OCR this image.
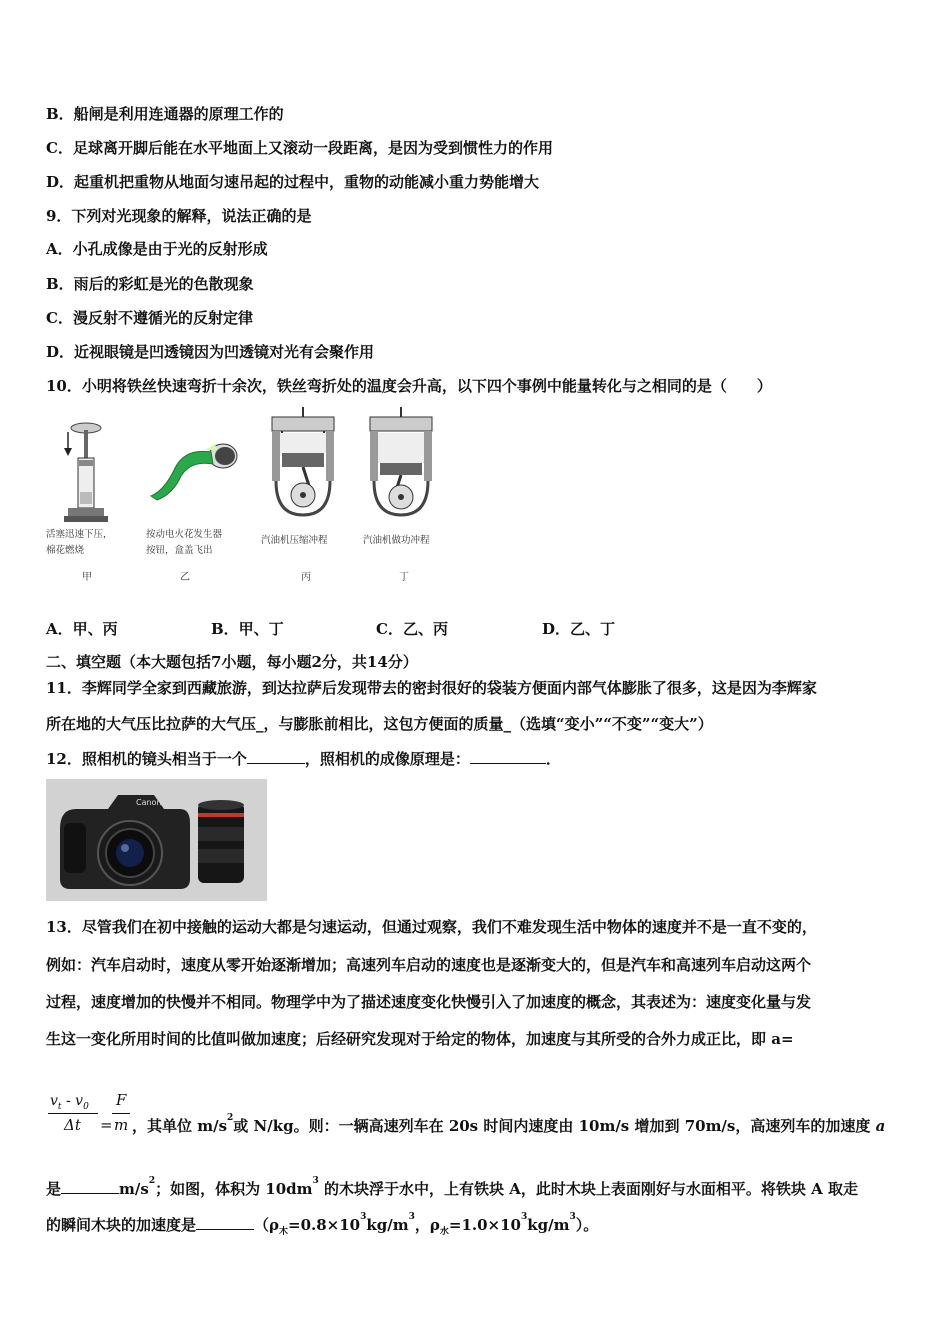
B．船闸是利用连通器的原理工作的
C．足球离开脚后能在水平地面上又滚动一段距离，是因为受到惯性力的作用
D．起重机把重物从地面匀速吊起的过程中，重物的动能减小重力势能增大
9．下列对光现象的解释，说法正确的是
A．小孔成像是由于光的反射形成
B．雨后的彩虹是光的色散现象
C．漫反射不遵循光的反射定律
D．近视眼镜是凹透镜因为凹透镜对光有会聚作用
10．小明将铁丝快速弯折十余次，铁丝弯折处的温度会升高，以下四个事例中能量转化与之相同的是（　　）
活塞迅速下压，
棉花燃烧
甲
按动电火花发生器
按钮，盒盖飞出
乙
汽油机压缩冲程
丙
汽油机做功冲程
丁
A．甲、丙	B．甲、丁	C．乙、丙	D．乙、丁
二、填空题（本大题包括7小题，每小题2分，共14分）
11．李辉同学全家到西藏旅游，到达拉萨后发现带去的密封很好的袋装方便面内部气体膨胀了很多，这是因为李辉家
所在地的大气压比拉萨的大气压_，与膨胀前相比，这包方便面的质量_（选填“变小”“不变”“变大”）
12．照相机的镜头相当于一个	，照相机的成像原理是：	．
Canon
13．尽管我们在初中接触的运动大都是匀速运动，但通过观察，我们不难发现生活中物体的速度并不是一直不变的，
例如：汽车启动时，速度从零开始逐渐增加；高速列车启动的速度也是逐渐变大的，但是汽车和高速列车启动这两个
过程，速度增加的快慢并不相同。物理学中为了描述速度变化快慢引入了加速度的概念，其表述为：速度变化量与发
生这一变化所用时间的比值叫做加速度；后经研究发现对于给定的物体，加速度与其所受的合外力成正比，即 a=
$v_t - v_0$
Δt =
F
m ，其单位 $m/s^2$或 N/kg。则：一辆高速列车在 20s 时间内速度由 10m/s 增加到 70m/s，高速列车的加速度 a
是	$m/s^2$；如图，体积为 $10dm^3$ 的木块浮于水中，上有铁块 A，此时木块上表面刚好与水面相平。将铁块 A 取走
的瞬间木块的加速度是	（$\rho_木=0.8\times 10^3kg/m^3$，$\rho_水=1.0\times 10^3kg/m^3$）。
